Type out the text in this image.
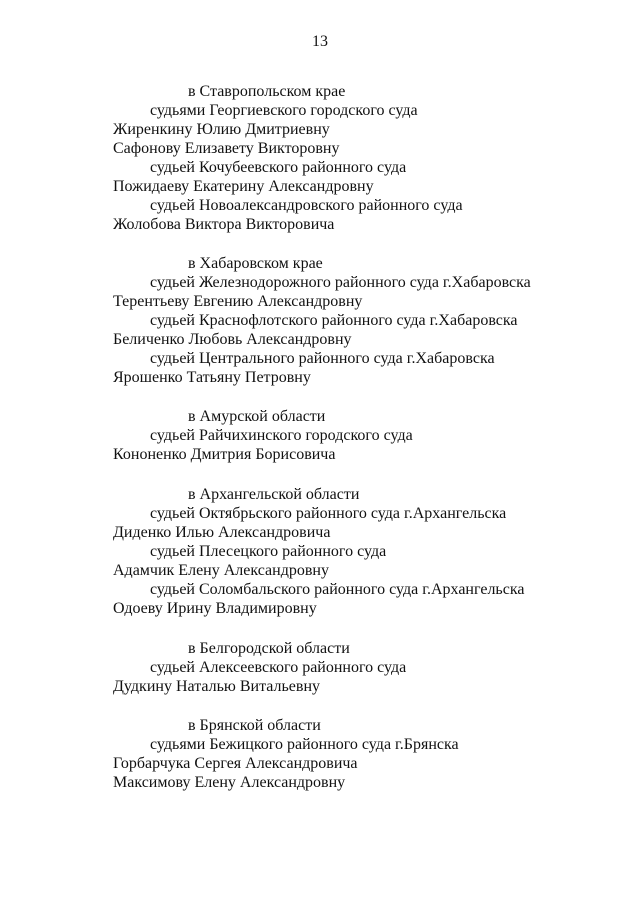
13
в Ставропольском крае
судьями Георгиевского городского суда
Жиренкину Юлию Дмитриевну
Сафонову Елизавету Викторовну
судьей Кочубеевского районного суда
Пожидаеву Екатерину Александровну
судьей Новоалександровского районного суда
Жолобова Виктора Викторовича
в Хабаровском крае
судьей Железнодорожного районного суда г.Хабаровска
Терентьеву Евгению Александровну
судьей Краснофлотского районного суда г.Хабаровска
Беличенко Любовь Александровну
судьей Центрального районного суда г.Хабаровска
Ярошенко Татьяну Петровну
в Амурской области
судьей Райчихинского городского суда
Кононенко Дмитрия Борисовича
в Архангельской области
судьей Октябрьского районного суда г.Архангельска
Диденко Илью Александровича
судьей Плесецкого районного суда
Адамчик Елену Александровну
судьей Соломбальского районного суда г.Архангельска
Одоеву Ирину Владимировну
в Белгородской области
судьей Алексеевского районного суда
Дудкину Наталью Витальевну
в Брянской области
судьями Бежицкого районного суда г.Брянска
Горбарчука Сергея Александровича
Максимову Елену Александровну
